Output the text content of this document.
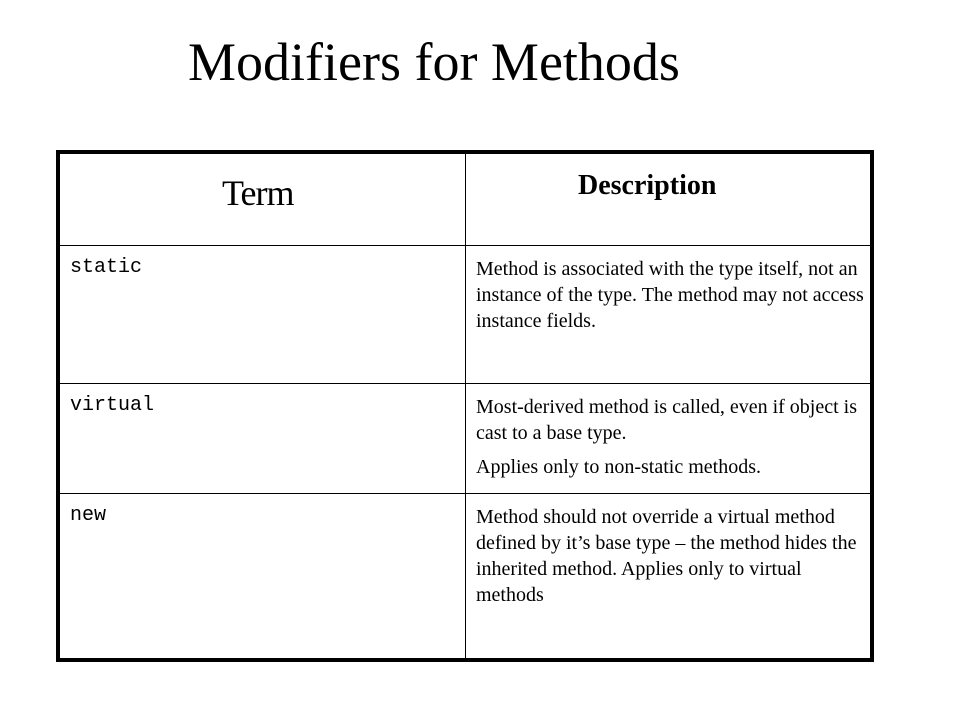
Modifiers for Methods
Term	Description
static	Method is associated with the type itself, not an instance of the type. The method may not access instance fields.

virtual	Most-derived method is called, even if object is cast to a base type.

Applies only to non-static methods.

new	Method should not override a virtual method defined by it’s base type – the method hides the inherited method. Applies only to virtual methods
